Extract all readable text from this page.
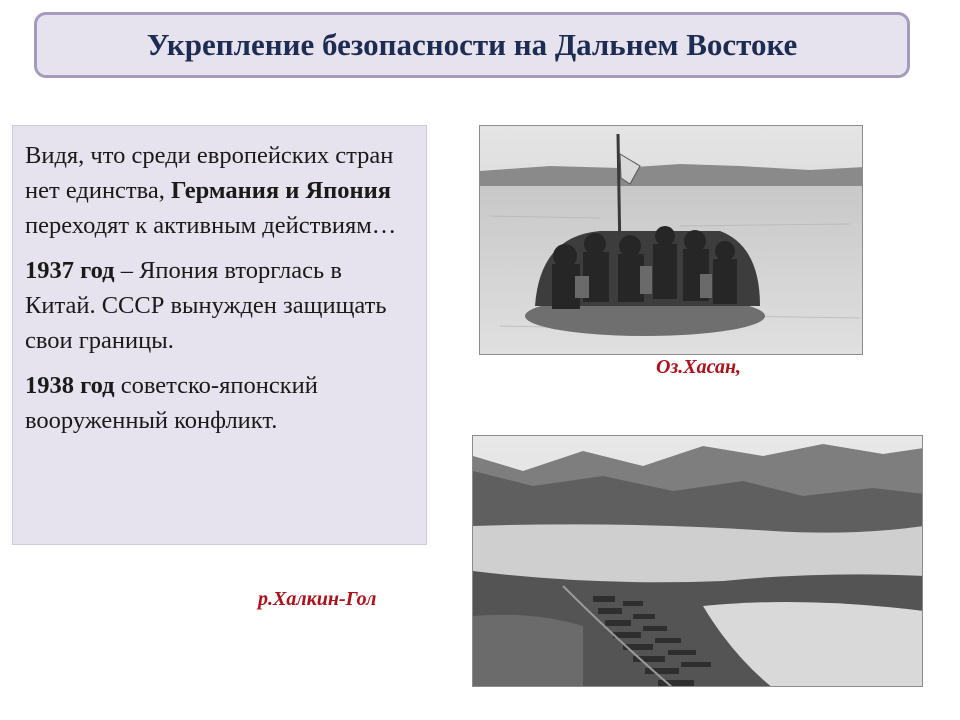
Укрепление безопасности на Дальнем Востоке

Видя, что среди европейских стран нет единства, Германия и Япония переходят к активным действиям…

1937 год – Япония вторглась в Китай. СССР вынужден защищать свои границы.

1938 год советско-японский вооруженный конфликт.

Оз.Хасан,
р.Халкин-Гол
